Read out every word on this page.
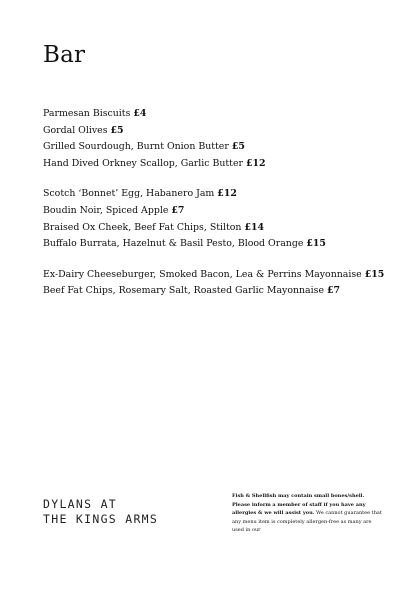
Bar
Parmesan Biscuits £4
Gordal Olives £5
Grilled Sourdough, Burnt Onion Butter £5
Hand Dived Orkney Scallop, Garlic Butter £12
Scotch ‘Bonnet’ Egg, Habanero Jam £12
Boudin Noir, Spiced Apple £7
Braised Ox Cheek, Beef Fat Chips, Stilton £14
Buffalo Burrata, Hazelnut & Basil Pesto, Blood Orange £15
Ex-Dairy Cheeseburger, Smoked Bacon, Lea & Perrins Mayonnaise £15
Beef Fat Chips, Rosemary Salt, Roasted Garlic Mayonnaise £7
DYLANS AT
THE KINGS ARMS
Fish & Shellfish may contain small bones/shell. Please inform a member of staff if you have any allergies & we will assist you. We cannot guarantee that any menu item is completely allergen-free as many are used in our
